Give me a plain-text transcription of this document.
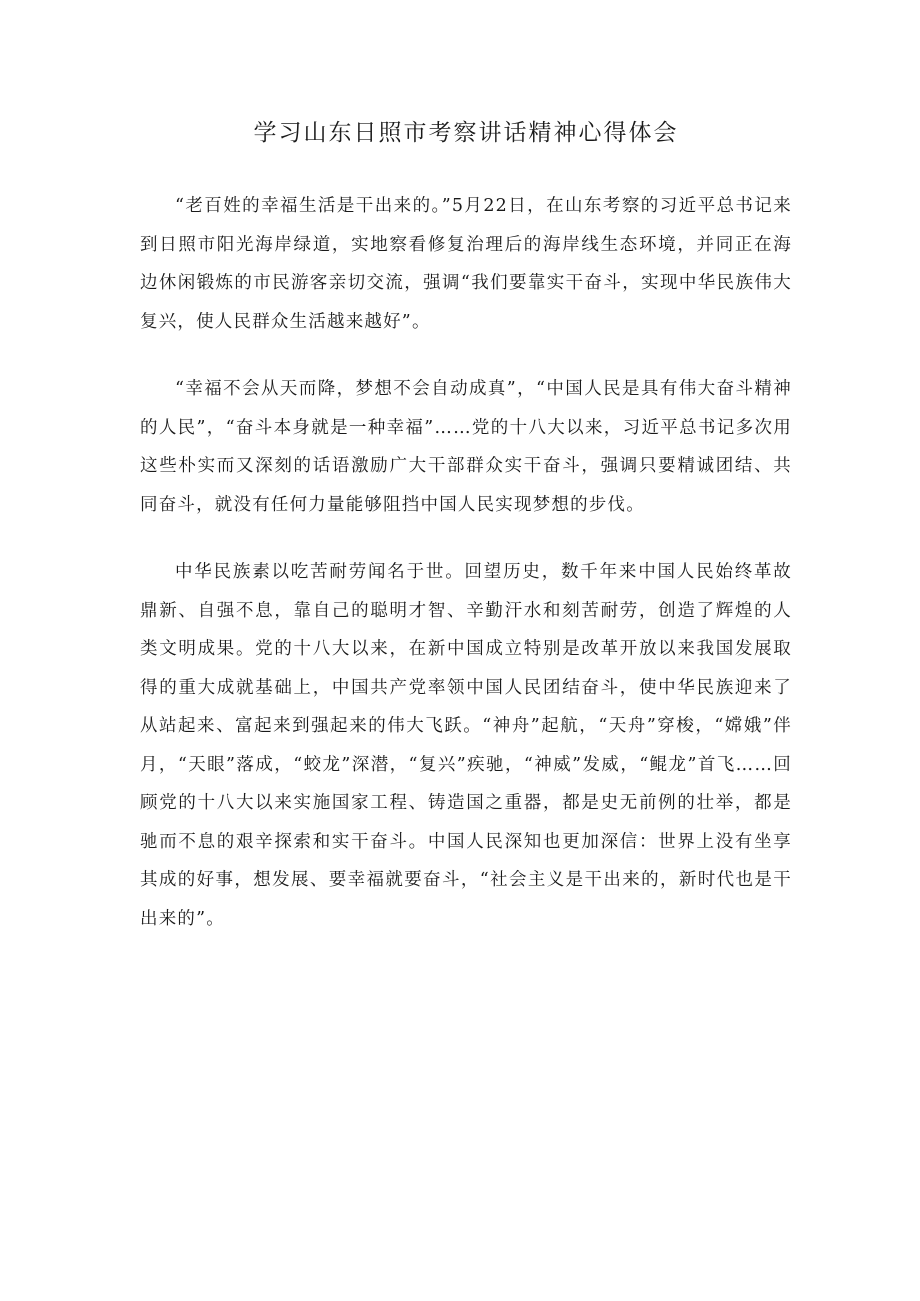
学习山东日照市考察讲话精神心得体会

“老百姓的幸福生活是干出来的。”5月22日，在山东考察的习近平总书记来到日照市阳光海岸绿道，实地察看修复治理后的海岸线生态环境，并同正在海边休闲锻炼的市民游客亲切交流，强调“我们要靠实干奋斗，实现中华民族伟大复兴，使人民群众生活越来越好”。

“幸福不会从天而降，梦想不会自动成真”，“中国人民是具有伟大奋斗精神的人民”，“奋斗本身就是一种幸福”……党的十八大以来，习近平总书记多次用这些朴实而又深刻的话语激励广大干部群众实干奋斗，强调只要精诚团结、共同奋斗，就没有任何力量能够阻挡中国人民实现梦想的步伐。

中华民族素以吃苦耐劳闻名于世。回望历史，数千年来中国人民始终革故鼎新、自强不息，靠自己的聪明才智、辛勤汗水和刻苦耐劳，创造了辉煌的人类文明成果。党的十八大以来，在新中国成立特别是改革开放以来我国发展取得的重大成就基础上，中国共产党率领中国人民团结奋斗，使中华民族迎来了从站起来、富起来到强起来的伟大飞跃。“神舟”起航，“天舟”穿梭，“嫦娥”伴月，“天眼”落成，“蛟龙”深潜，“复兴”疾驰，“神威”发威，“鲲龙”首飞……回顾党的十八大以来实施国家工程、铸造国之重器，都是史无前例的壮举，都是驰而不息的艰辛探索和实干奋斗。中国人民深知也更加深信：世界上没有坐享其成的好事，想发展、要幸福就要奋斗，“社会主义是干出来的，新时代也是干出来的”。
